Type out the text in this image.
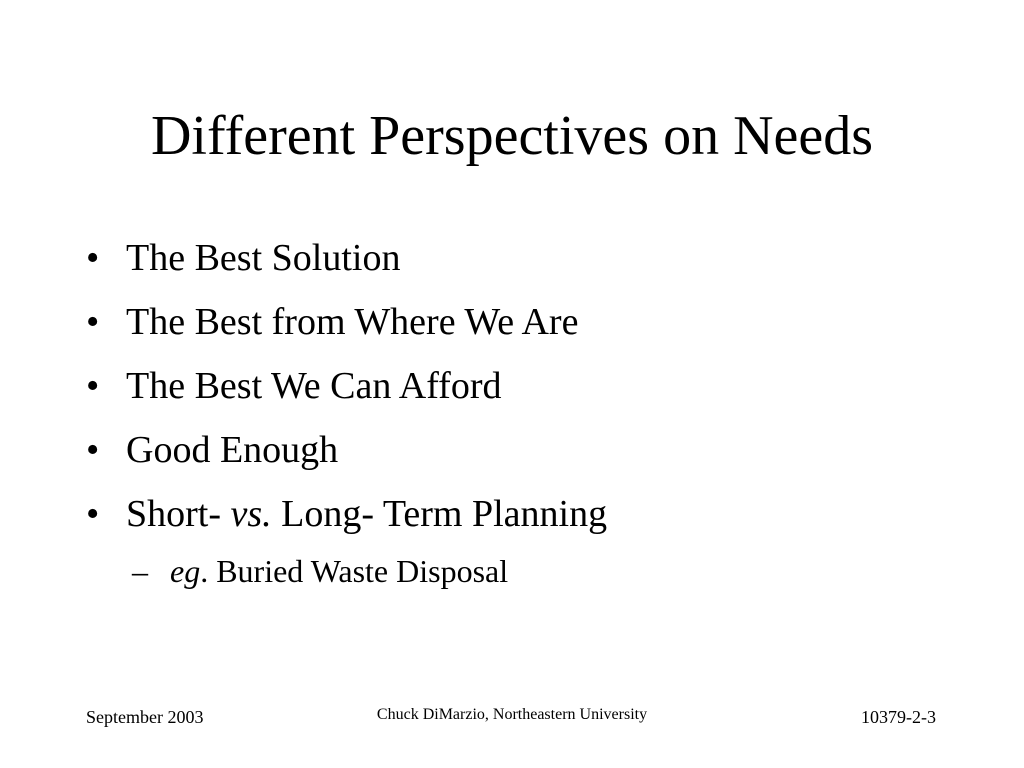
Different Perspectives on Needs
• The Best Solution
• The Best from Where We Are
• The Best We Can Afford
• Good Enough
• Short- vs. Long- Term Planning
– eg. Buried Waste Disposal
September 2003	Chuck DiMarzio, Northeastern University	10379-2-3
